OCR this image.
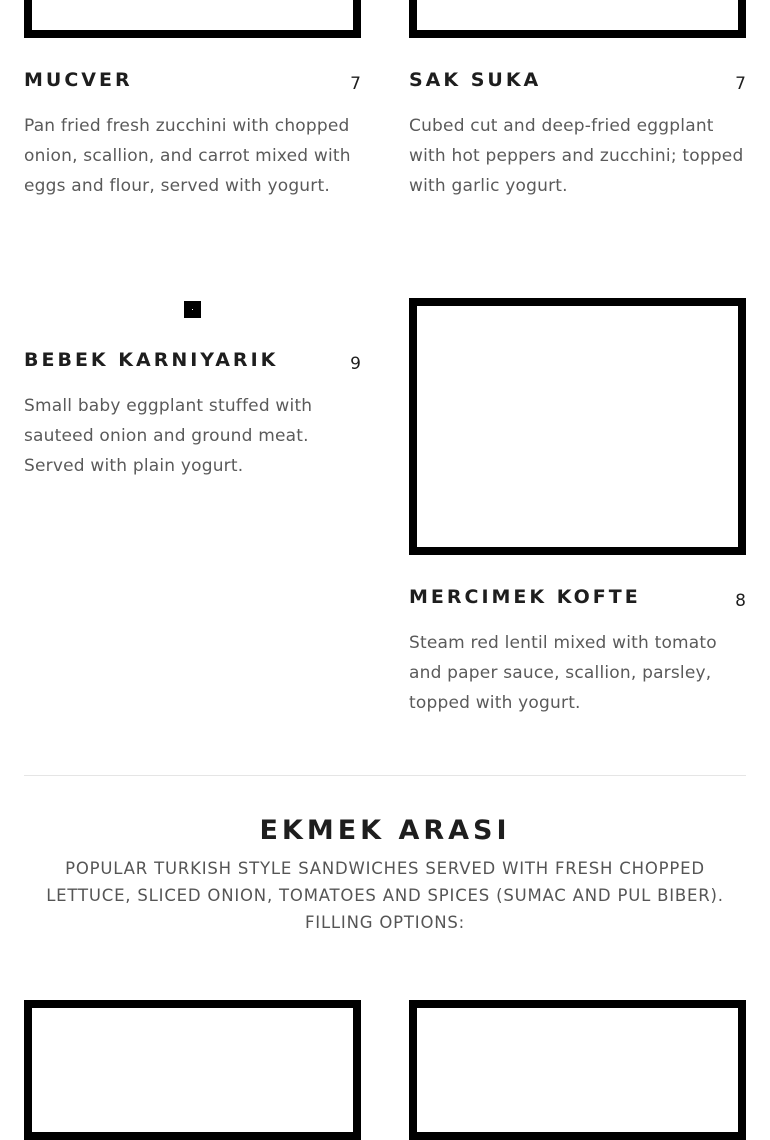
MUCVER	7

Pan fried fresh zucchini with chopped onion, scallion, and carrot mixed with eggs and flour, served with yogurt.

SAK SUKA	7

Cubed cut and deep-fried eggplant with hot peppers and zucchini; topped with garlic yogurt.

BEBEK KARNIYARIK	9

Small baby eggplant stuffed with sauteed onion and ground meat. Served with plain yogurt.

MERCIMEK KOFTE	8

Steam red lentil mixed with tomato and paper sauce, scallion, parsley, topped with yogurt.

EKMEK ARASI

POPULAR TURKISH STYLE SANDWICHES SERVED WITH FRESH CHOPPED LETTUCE, SLICED ONION, TOMATOES AND SPICES (SUMAC AND PUL BIBER). FILLING OPTIONS:
